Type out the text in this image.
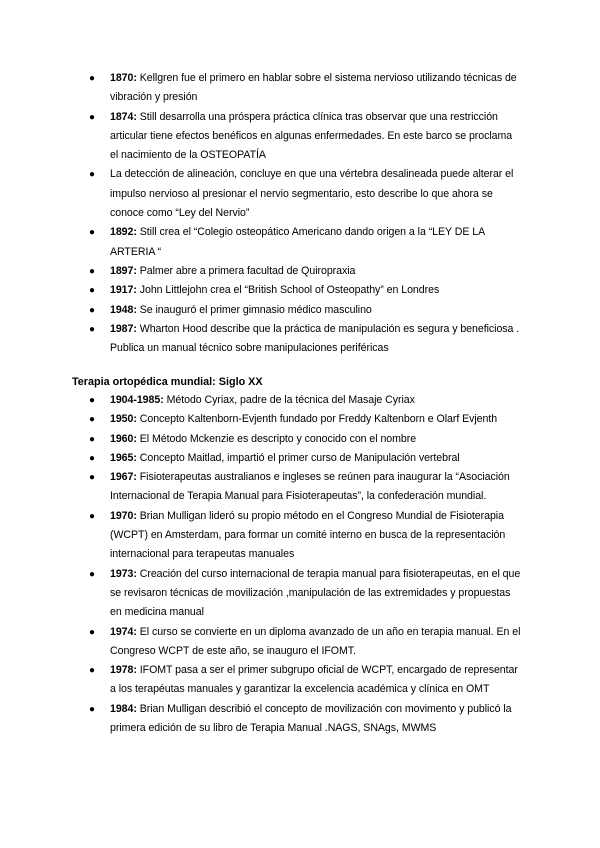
● 1870: Kellgren fue el primero en hablar sobre el sistema nervioso utilizando técnicas de vibración y presión
● 1874: Still desarrolla una próspera práctica clínica tras observar que una restricción articular tiene efectos benéficos en algunas enfermedades. En este barco se proclama el nacimiento de la OSTEOPATÍA
● La detección de alineación, concluye en que una vértebra desalineada puede alterar el impulso nervioso al presionar el nervio segmentario, esto describe lo que ahora se conoce como “Ley del Nervio”
● 1892: Still crea el “Colegio osteopático Americano dando origen a la “LEY DE LA ARTERIA “
● 1897: Palmer abre a primera facultad de Quiropraxia
● 1917: John Littlejohn crea el “British School of Osteopathy” en Londres
● 1948: Se inauguró el primer gimnasio médico masculino
● 1987: Wharton Hood describe que la práctica de manipulación es segura y beneficiosa . Publica un manual técnico sobre manipulaciones periféricas

Terapia ortopédica mundial: Siglo XX

● 1904-1985: Método Cyriax, padre de la técnica del Masaje Cyriax
● 1950: Concepto Kaltenborn-Evjenth fundado por Freddy Kaltenborn e Olarf Evjenth
● 1960: El Método Mckenzie es descripto y conocido con el nombre
● 1965: Concepto Maitlad, impartió el primer curso de Manipulación vertebral
● 1967: Fisioterapeutas australianos e ingleses se reúnen para inaugurar la “Asociación Internacional de Terapia Manual para Fisioterapeutas”, la confederación mundial.
● 1970: Brian Mulligan lideró su propio método en el Congreso Mundial de Fisioterapia (WCPT) en Amsterdam, para formar un comité interno en busca de la representación internacional para terapeutas manuales
● 1973: Creación del curso internacional de terapia manual para fisioterapeutas, en el que se revisaron técnicas de movilización ,manipulación de las extremidades y propuestas en medicina manual
● 1974: El curso se convierte en un diploma avanzado de un año en terapia manual. En el Congreso WCPT de este año, se inauguro el IFOMT.
● 1978: IFOMT pasa a ser el primer subgrupo oficial de WCPT, encargado de representar a los terapéutas manuales y garantizar la excelencia académica y clínica en OMT
● 1984: Brian Mulligan describió el concepto de movilización con movimento y publicó la primera edición de su libro de Terapia Manual .NAGS, SNAgs, MWMS
